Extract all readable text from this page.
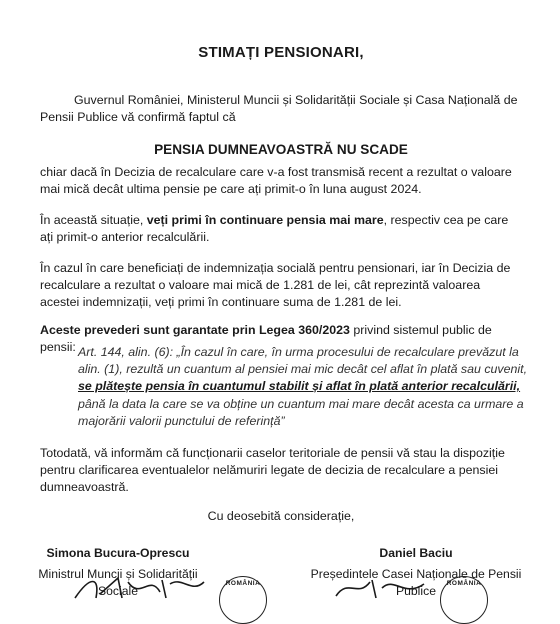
STIMAȚI PENSIONARI,
Guvernul României, Ministerul Muncii și Solidarității Sociale și Casa Națională de Pensii Publice vă confirmă faptul că
PENSIA DUMNEAVOASTRĂ NU SCADE
chiar dacă în Decizia de recalculare care v-a fost transmisă recent a rezultat o valoare mai mică decât ultima pensie pe care ați primit-o în luna august 2024.
În această situație, veți primi în continuare pensia mai mare, respectiv cea pe care ați primit-o anterior recalculării.
În cazul în care beneficiați de indemnizația socială pentru pensionari, iar în Decizia de recalculare a rezultat o valoare mai mică de 1.281 de lei, cât reprezintă valoarea acestei indemnizații, veți primi în continuare suma de 1.281 de lei.
Aceste prevederi sunt garantate prin Legea 360/2023 privind sistemul public de pensii: Art. 144, alin. (6): „În cazul în care, în urma procesului de recalculare prevăzut la alin. (1), rezultă un cuantum al pensiei mai mic decât cel aflat în plată sau cuvenit, se plătește pensia în cuantumul stabilit și aflat în plată anterior recalculării, până la data la care se va obține un cuantum mai mare decât acesta ca urmare a majorării valorii punctului de referință”
Totodată, vă informăm că funcționarii caselor teritoriale de pensii vă stau la dispoziție pentru clarificarea eventualelor nelămuriri legate de decizia de recalculare a pensiei dumneavoastră.
Cu deosebită considerație,
Simona Bucura-Oprescu
Ministrul Muncii și Solidarității Sociale
Daniel Baciu
Președintele Casei Naționale de Pensii Publice
ROMÂNIA	ROMÂNIA
